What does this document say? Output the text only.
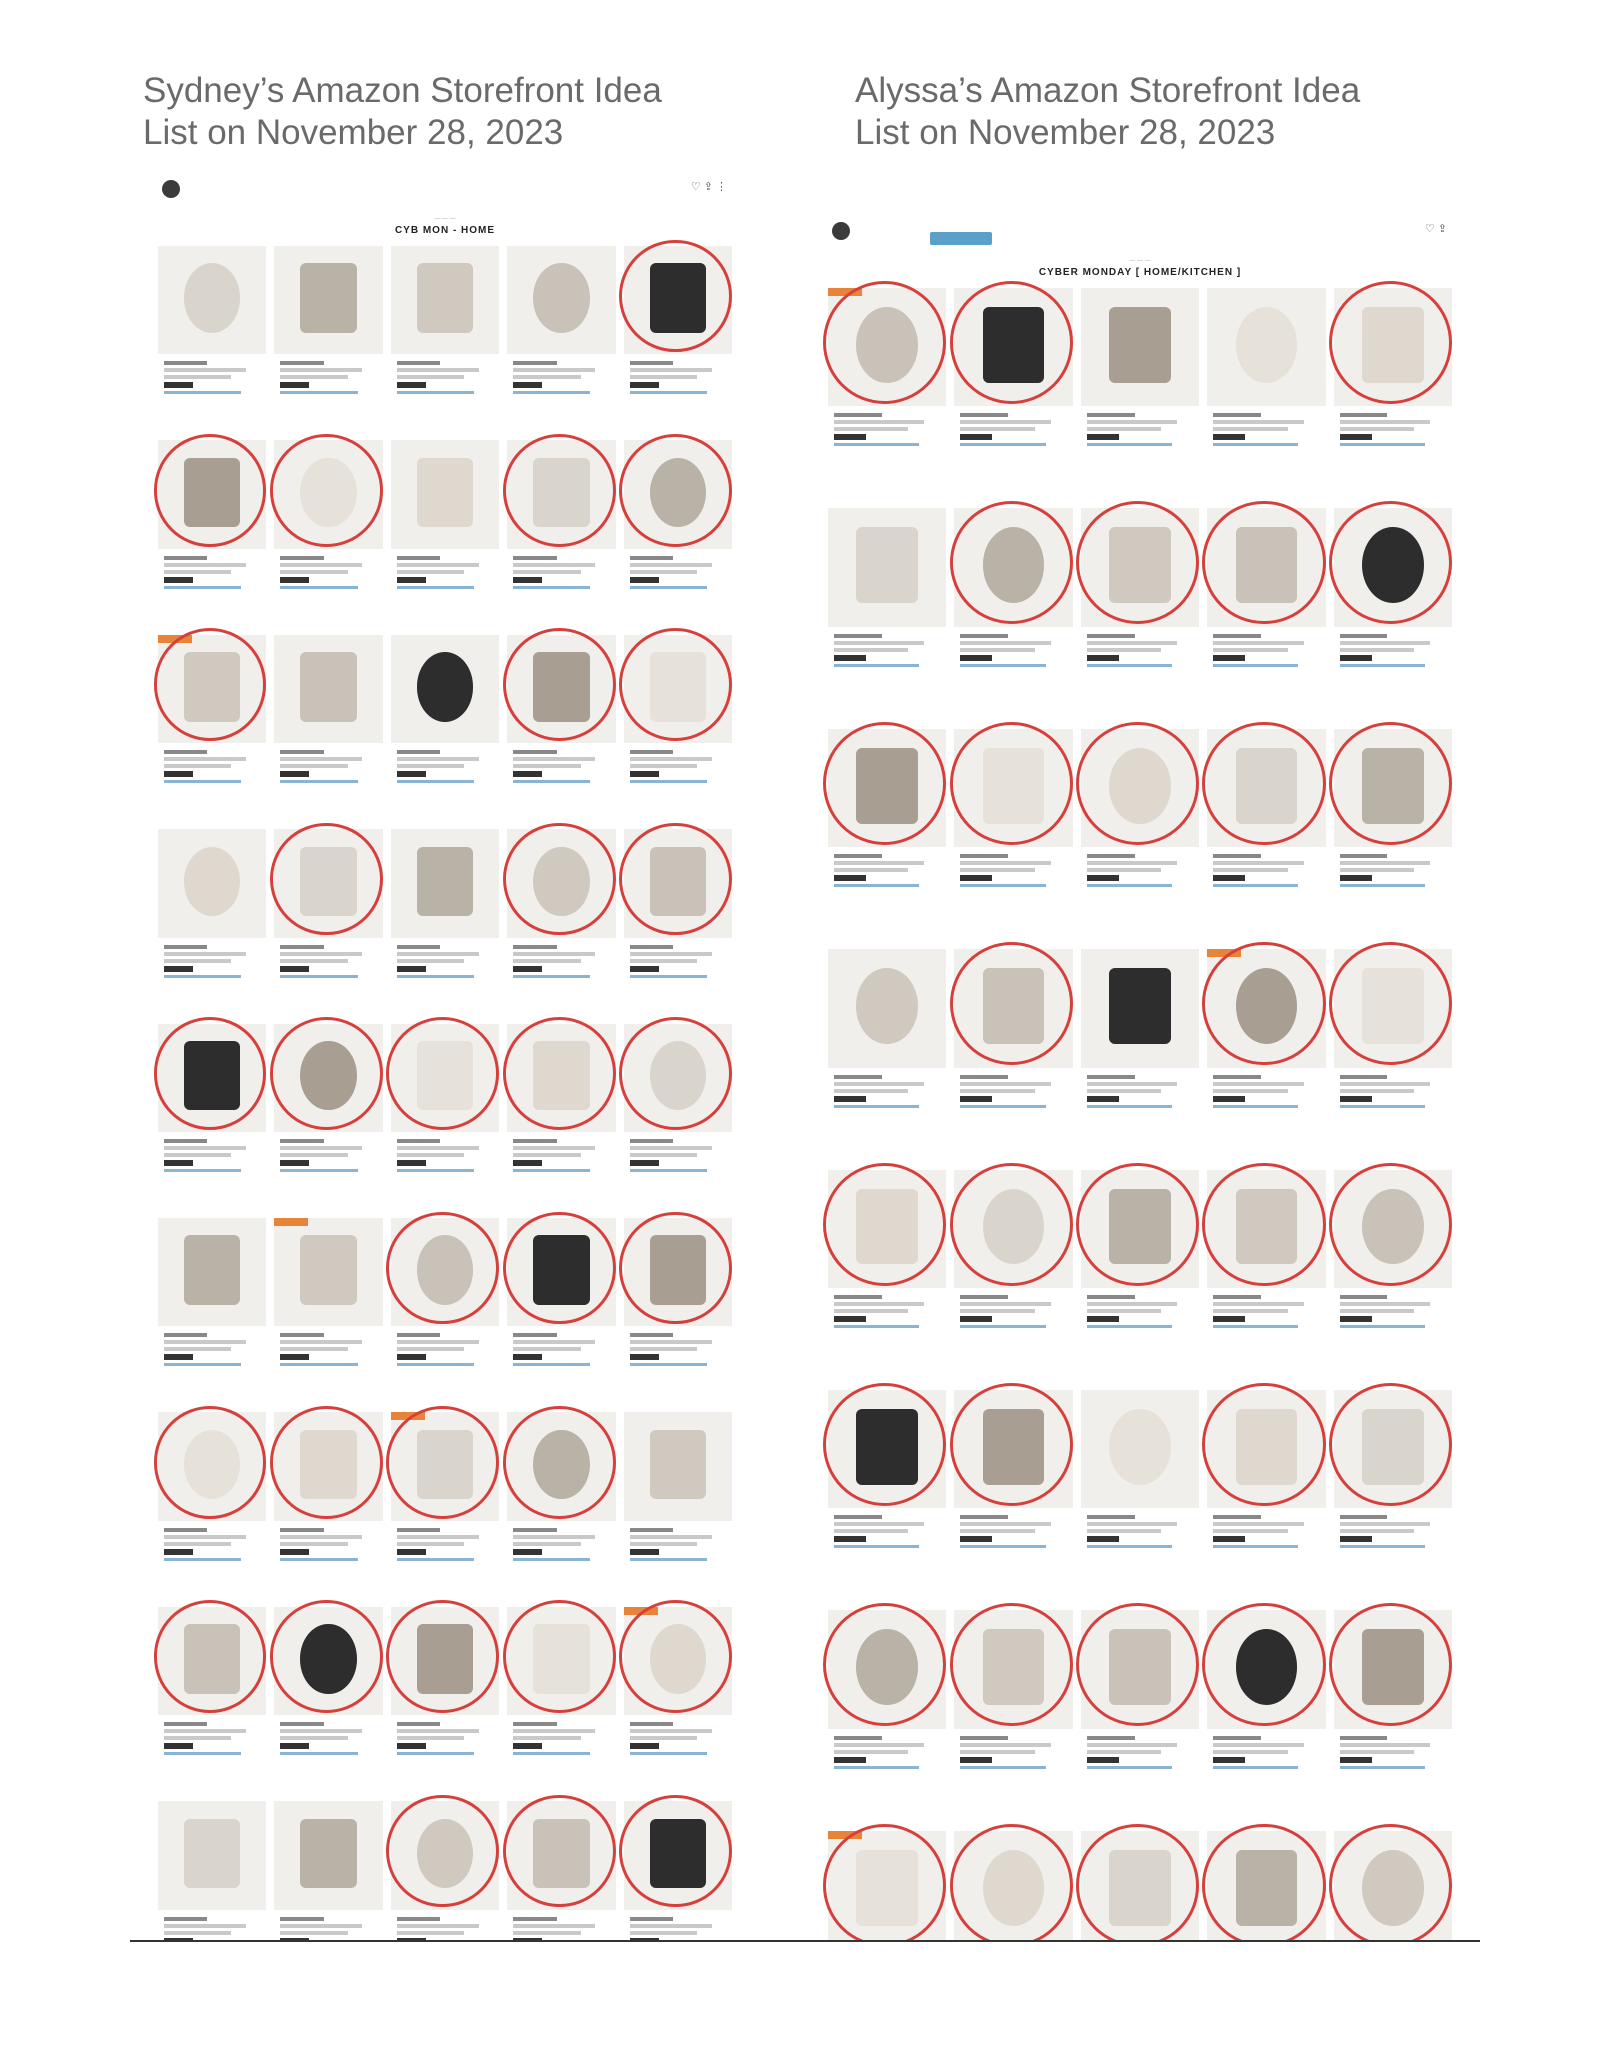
Sydney’s Amazon Storefront Idea
List on November 28, 2023
Alyssa’s Amazon Storefront Idea
List on November 28, 2023
♡⇪⋮
— — —
CYB MON - HOME	♡⇪
— — —
CYBER MONDAY [ HOME/KITCHEN ]
